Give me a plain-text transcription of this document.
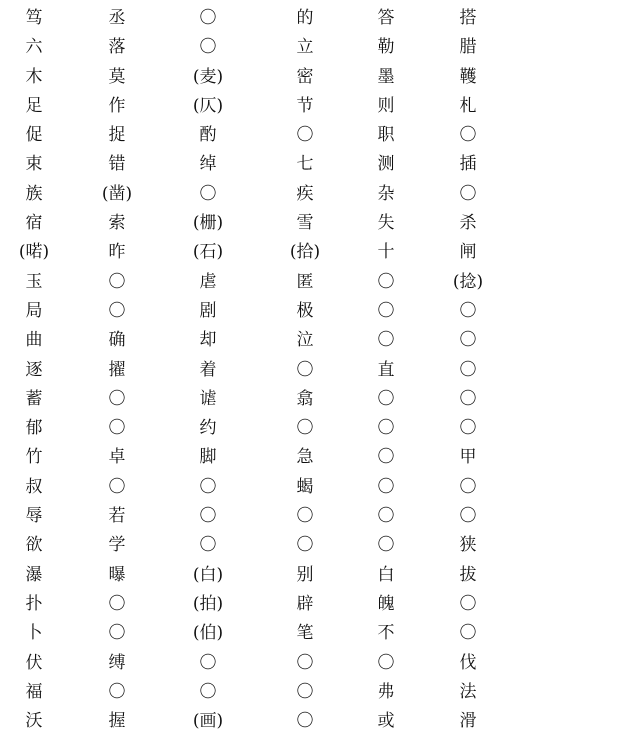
笃	丞	〇	的	答	搭
六	落	〇	立	勒	腊
木	莫	(麦)	密	墨	韄
足	作	(仄)	节	则	札
促	捉	酌	〇	职	〇
束	错	绰	七	测	插
族	(凿)	〇	疾	杂	〇
宿	索	(栅)	雪	失	杀
(喏)	昨	(石)	(拾)	十	闸
玉	〇	虐	匿	〇	(捻)
局	〇	剧	极	〇	〇
曲	确	却	泣	〇	〇
逐	擢	着	〇	直	〇
蓄	〇	谑	翕	〇	〇
郁	〇	约	〇	〇	〇
竹	卓	脚	急	〇	甲
叔	〇	〇	蝎	〇	〇
辱	若	〇	〇	〇	〇
欲	学	〇	〇	〇	狭
瀑	曝	(白)	别	白	拔
扑	〇	(拍)	辟	魄	〇
卜	〇	(伯)	笔	不	〇
伏	缚	〇	〇	〇	伐
福	〇	〇	〇	弗	法
沃	握	(画)	〇	或	滑
